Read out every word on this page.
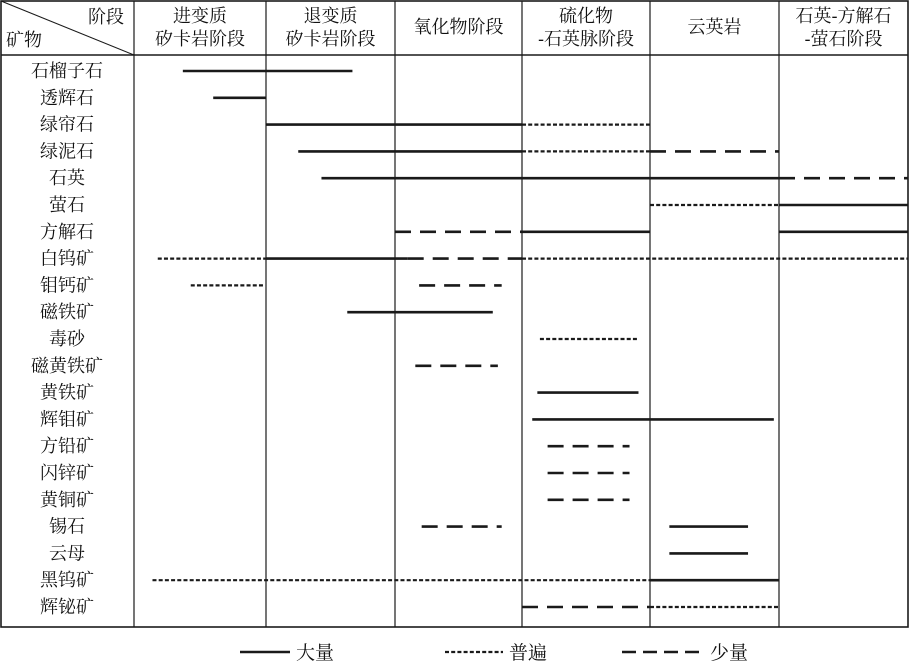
阶段
矿物
进变质
矽卡岩阶段
退变质
矽卡岩阶段
氧化物阶段
硫化物
-石英脉阶段
云英岩
石英-方解石
-萤石阶段
石榴子石
透辉石
绿帘石
绿泥石
石英
萤石
方解石
白钨矿
钼钙矿
磁铁矿
毒砂
磁黄铁矿
黄铁矿
辉钼矿
方铅矿
闪锌矿
黄铜矿
锡石
云母
黑钨矿
辉铋矿
大量	普遍	少量
